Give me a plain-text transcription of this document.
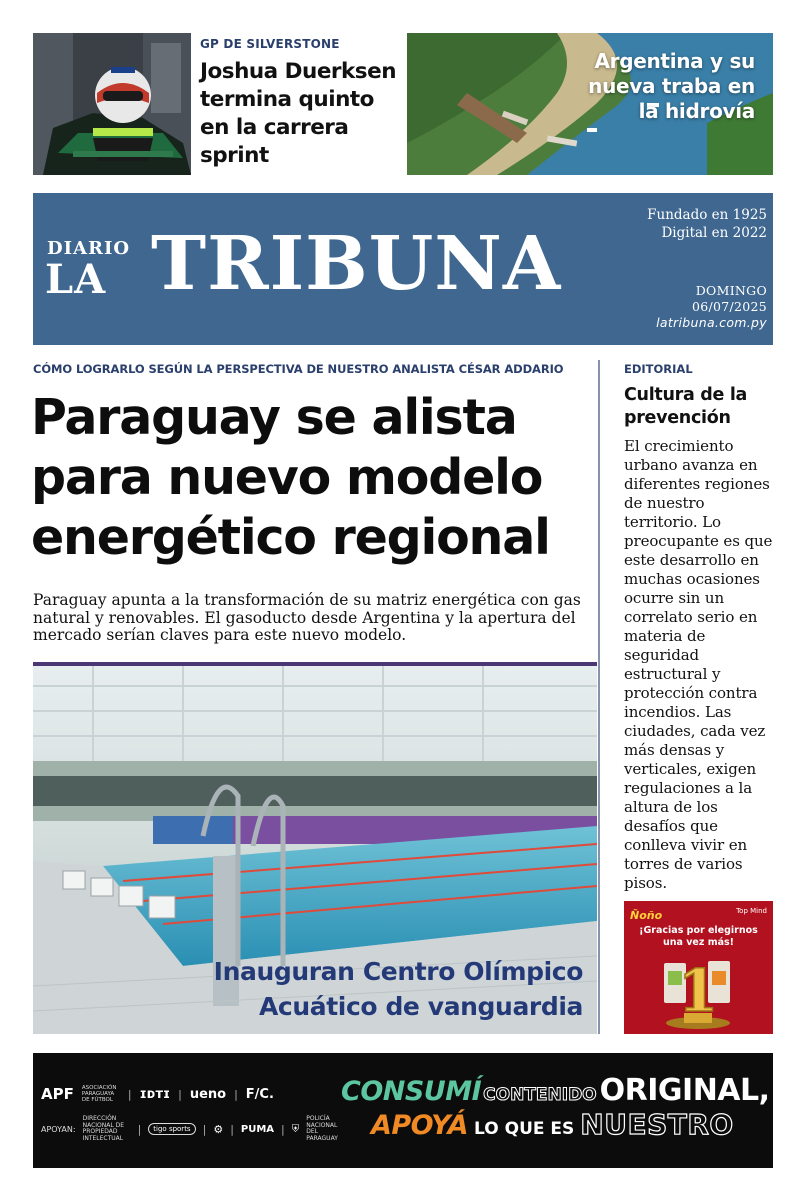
GP DE SILVERSTONE
Joshua Duerksen termina quinto en la carrera sprint
Argentina y su nueva traba en la hidrovía
DIARIO
LA TRIBUNA
Fundado en 1925
Digital en 2022
DOMINGO
06/07/2025
latribuna.com.py
CÓMO LOGRARLO SEGÚN LA PERSPECTIVA DE NUESTRO ANALISTA CÉSAR ADDARIO
Paraguay se alista para nuevo modelo energético regional
Paraguay apunta a la transformación de su matriz energética con gas natural y renovables. El gasoducto desde Argentina y la apertura del mercado serían claves para este nuevo modelo.
Inauguran Centro Olímpico Acuático de vanguardia
EDITORIAL
Cultura de la prevención
El crecimiento urbano avanza en diferentes regiones de nuestro territorio. Lo preocupante es que este desarrollo en muchas ocasiones ocurre sin un correlato serio en materia de seguridad estructural y protección contra incendios. Las ciudades, cada vez más densas y verticales, exigen regulaciones a la altura de los desafíos que conlleva vivir en torres de varios pisos.
Ñoño	Top Mind
¡Gracias por elegirnos una vez más!
1
APF ASOCIACIÓN PARAGUAYA DE FÚTBOL	| ɪᴅᴛɪ | ueno | F/C.
APOYAN:
DIRECCIÓN NACIONAL DE PROPIEDAD INTELECTUAL
|	tigo sports	| ⚙ | PUMA | ⛨
POLICÍA NACIONAL DEL PARAGUAY
CONSUMÍ CONTENIDO ORIGINAL,
APOYÁ LO QUE ES NUESTRO
